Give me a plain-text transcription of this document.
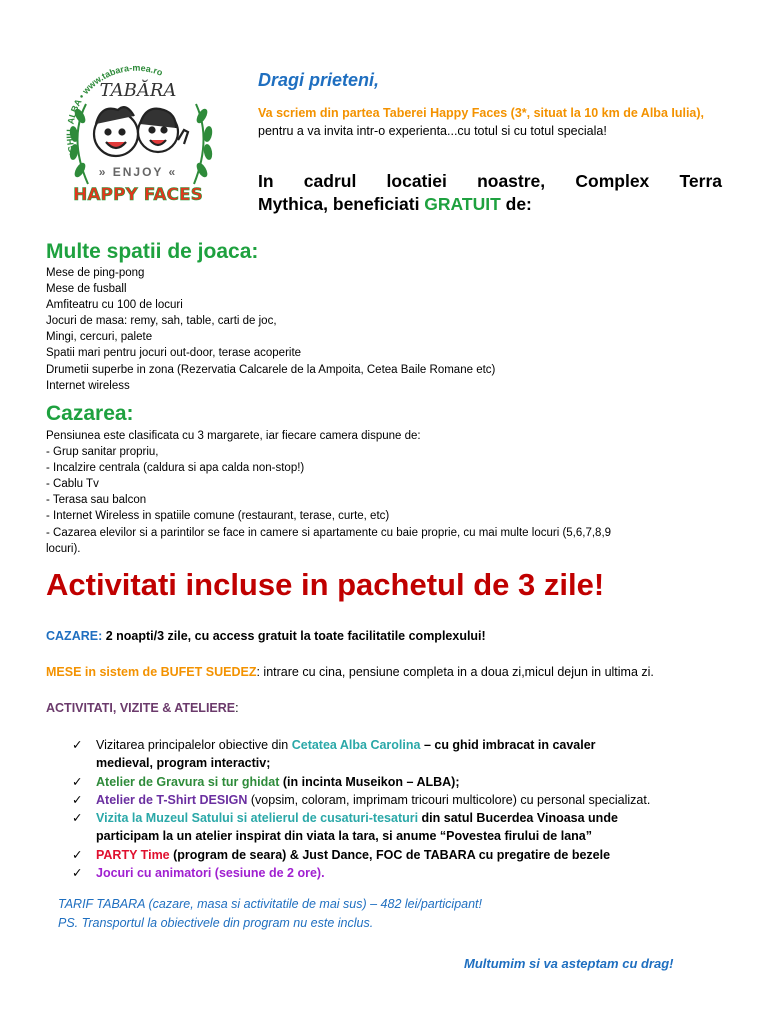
IGHIU, ALBA • www.tabara-mea.ro
TABĂRA
» ENJOY «
HAPPY FACES
Dragi prieteni,
Va scriem din partea Taberei Happy Faces (3*, situat la 10 km de Alba Iulia), pentru a va invita intr-o experienta...cu totul si cu totul speciala!
In cadrul locatiei noastre, Complex Terra
Mythica, beneficiati GRATUIT de:
Multe spatii de joaca:
Mese de ping-pong
Mese de fusball
Amfiteatru cu 100 de locuri
Jocuri de masa: remy, sah, table, carti de joc,
Mingi, cercuri, palete
Spatii mari pentru jocuri out-door, terase acoperite
Drumetii superbe in zona (Rezervatia Calcarele de la Ampoita, Cetea Baile Romane etc)
Internet wireless
Cazarea:
Pensiunea este clasificata cu 3 margarete, iar fiecare camera dispune de:
- Grup sanitar propriu,
- Incalzire centrala (caldura si apa calda non-stop!)
- Cablu Tv
- Terasa sau balcon
- Internet Wireless in spatiile comune (restaurant, terase, curte, etc)
- Cazarea elevilor si a parintilor se face in camere si apartamente cu baie proprie, cu mai multe locuri (5,6,7,8,9
locuri).
Activitati incluse in pachetul de 3 zile!
CAZARE: 2 noapti/3 zile, cu access gratuit la toate facilitatile complexului!
MESE in sistem de BUFET SUEDEZ: intrare cu cina, pensiune completa in a doua zi,micul dejun in ultima zi.
ACTIVITATI, VIZITE & ATELIERE:
✓ Vizitarea principalelor obiective din Cetatea Alba Carolina – cu ghid imbracat in cavaler
medieval, program interactiv;
✓ Atelier de Gravura si tur ghidat (in incinta Museikon – ALBA);
✓ Atelier de T-Shirt DESIGN (vopsim, coloram, imprimam tricouri multicolore) cu personal specializat.
✓ Vizita la Muzeul Satului si atelierul de cusaturi-tesaturi din satul Bucerdea Vinoasa unde
participam la un atelier inspirat din viata la tara, si anume “Povestea firului de lana”
✓ PARTY Time (program de seara) & Just Dance, FOC de TABARA cu pregatire de bezele
✓ Jocuri cu animatori (sesiune de 2 ore).
TARIF TABARA (cazare, masa si activitatile de mai sus) – 482 lei/participant!
PS. Transportul la obiectivele din program nu este inclus.
Multumim si va asteptam cu drag!
